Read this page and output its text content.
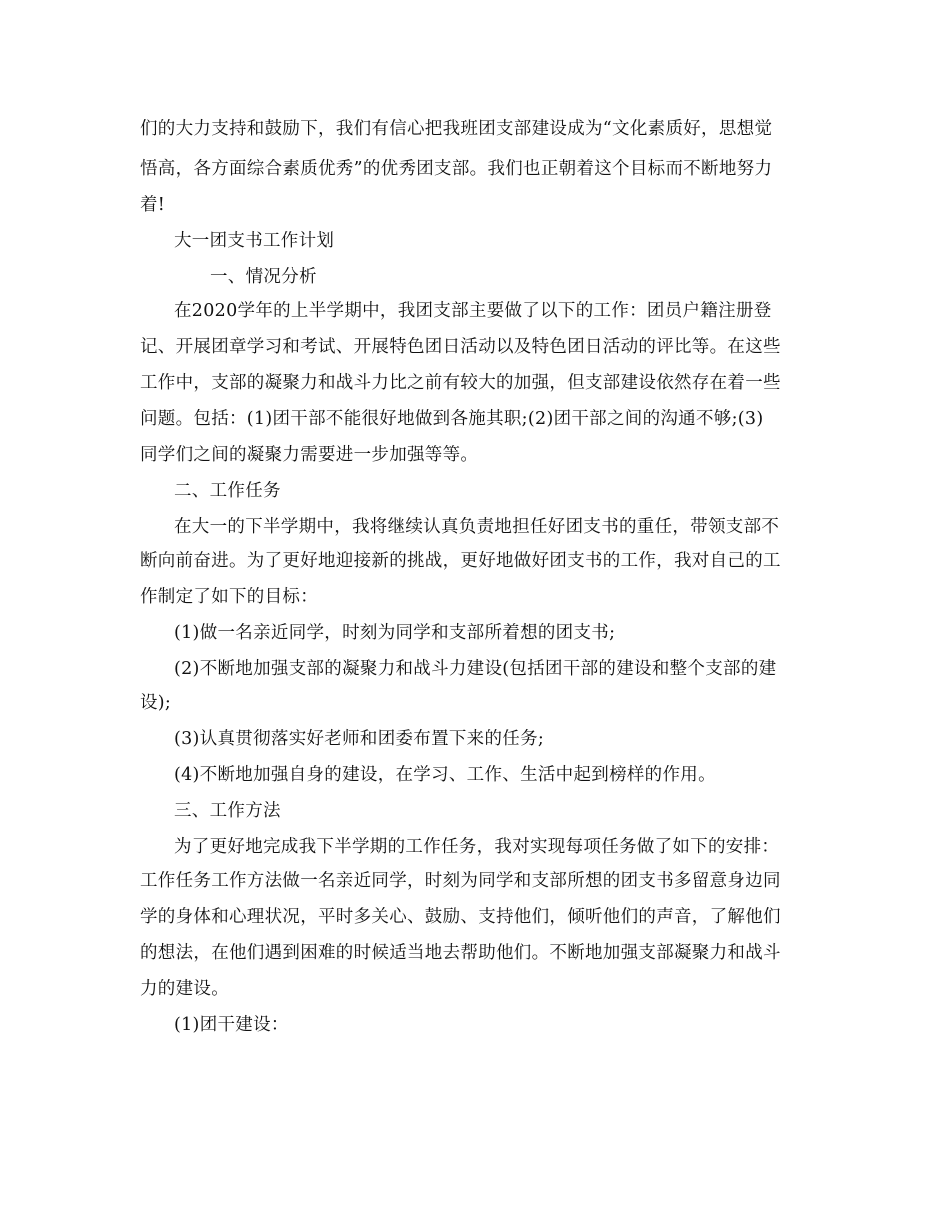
们的大力支持和鼓励下，我们有信心把我班团支部建设成为“文化素质好，思想觉
悟高，各方面综合素质优秀”的优秀团支部。我们也正朝着这个目标而不断地努力
着!
大一团支书工作计划
一、情况分析
在2020学年的上半学期中，我团支部主要做了以下的工作：团员户籍注册登
记、开展团章学习和考试、开展特色团日活动以及特色团日活动的评比等。在这些
工作中，支部的凝聚力和战斗力比之前有较大的加强，但支部建设依然存在着一些
问题。包括：(1)团干部不能很好地做到各施其职;(2)团干部之间的沟通不够;(3)
同学们之间的凝聚力需要进一步加强等等。
二、工作任务
在大一的下半学期中，我将继续认真负责地担任好团支书的重任，带领支部不
断向前奋进。为了更好地迎接新的挑战，更好地做好团支书的工作，我对自己的工
作制定了如下的目标：
(1)做一名亲近同学，时刻为同学和支部所着想的团支书;
(2)不断地加强支部的凝聚力和战斗力建设(包括团干部的建设和整个支部的建
设);
(3)认真贯彻落实好老师和团委布置下来的任务;
(4)不断地加强自身的建设，在学习、工作、生活中起到榜样的作用。
三、工作方法
为了更好地完成我下半学期的工作任务，我对实现每项任务做了如下的安排：
工作任务工作方法做一名亲近同学，时刻为同学和支部所想的团支书多留意身边同
学的身体和心理状况，平时多关心、鼓励、支持他们，倾听他们的声音，了解他们
的想法，在他们遇到困难的时候适当地去帮助他们。不断地加强支部凝聚力和战斗
力的建设。
(1)团干建设：
